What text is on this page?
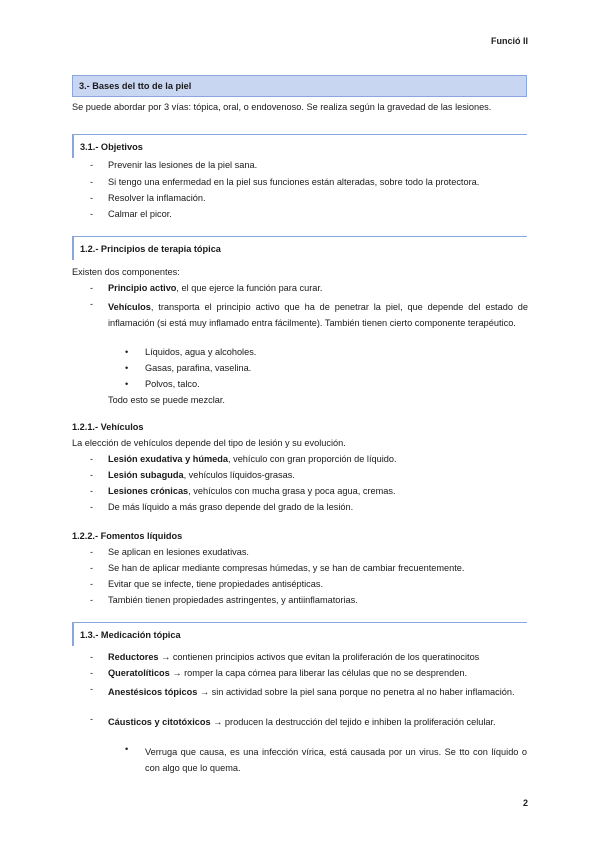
Funció II
3.- Bases del tto de la piel
Se puede abordar por 3 vías: tópica, oral, o endovenoso. Se realiza según la gravedad de las lesiones.
3.1.- Objetivos
- Prevenir las lesiones de la piel sana.
- Si tengo una enfermedad en la piel sus funciones están alteradas, sobre todo la protectora.
- Resolver la inflamación.
- Calmar el picor.
1.2.- Principios de terapia tópica
Existen dos componentes:
- Principio activo, el que ejerce la función para curar.
- Vehículos, transporta el principio activo que ha de penetrar la piel, que depende del estado de inflamación (si está muy inflamado entra fácilmente). También tienen cierto componente terapéutico.
• Líquidos, agua y alcoholes.
• Gasas, parafina, vaselina.
• Polvos, talco.
Todo esto se puede mezclar.
1.2.1.- Vehículos
La elección de vehículos depende del tipo de lesión y su evolución.
- Lesión exudativa y húmeda, vehículo con gran proporción de líquido.
- Lesión subaguda, vehículos líquidos-grasas.
- Lesiones crónicas, vehículos con mucha grasa y poca agua, cremas.
- De más líquido a más graso depende del grado de la lesión.
1.2.2.- Fomentos líquidos
- Se aplican en lesiones exudativas.
- Se han de aplicar mediante compresas húmedas, y se han de cambiar frecuentemente.
- Evitar que se infecte, tiene propiedades antisépticas.
- También tienen propiedades astringentes, y antiinflamatorias.
1.3.- Medicación tópica
- Reductores → contienen principios activos que evitan la proliferación de los queratinocitos
- Queratolíticos → romper la capa córnea para liberar las células que no se desprenden.
- Anestésicos tópicos → sin actividad sobre la piel sana porque no penetra al no haber inflamación.
- Cáusticos y citotóxicos → producen la destrucción del tejido e inhiben la proliferación celular.
• Verruga que causa, es una infección vírica, está causada por un virus. Se tto con líquido o con algo que lo quema.
2
